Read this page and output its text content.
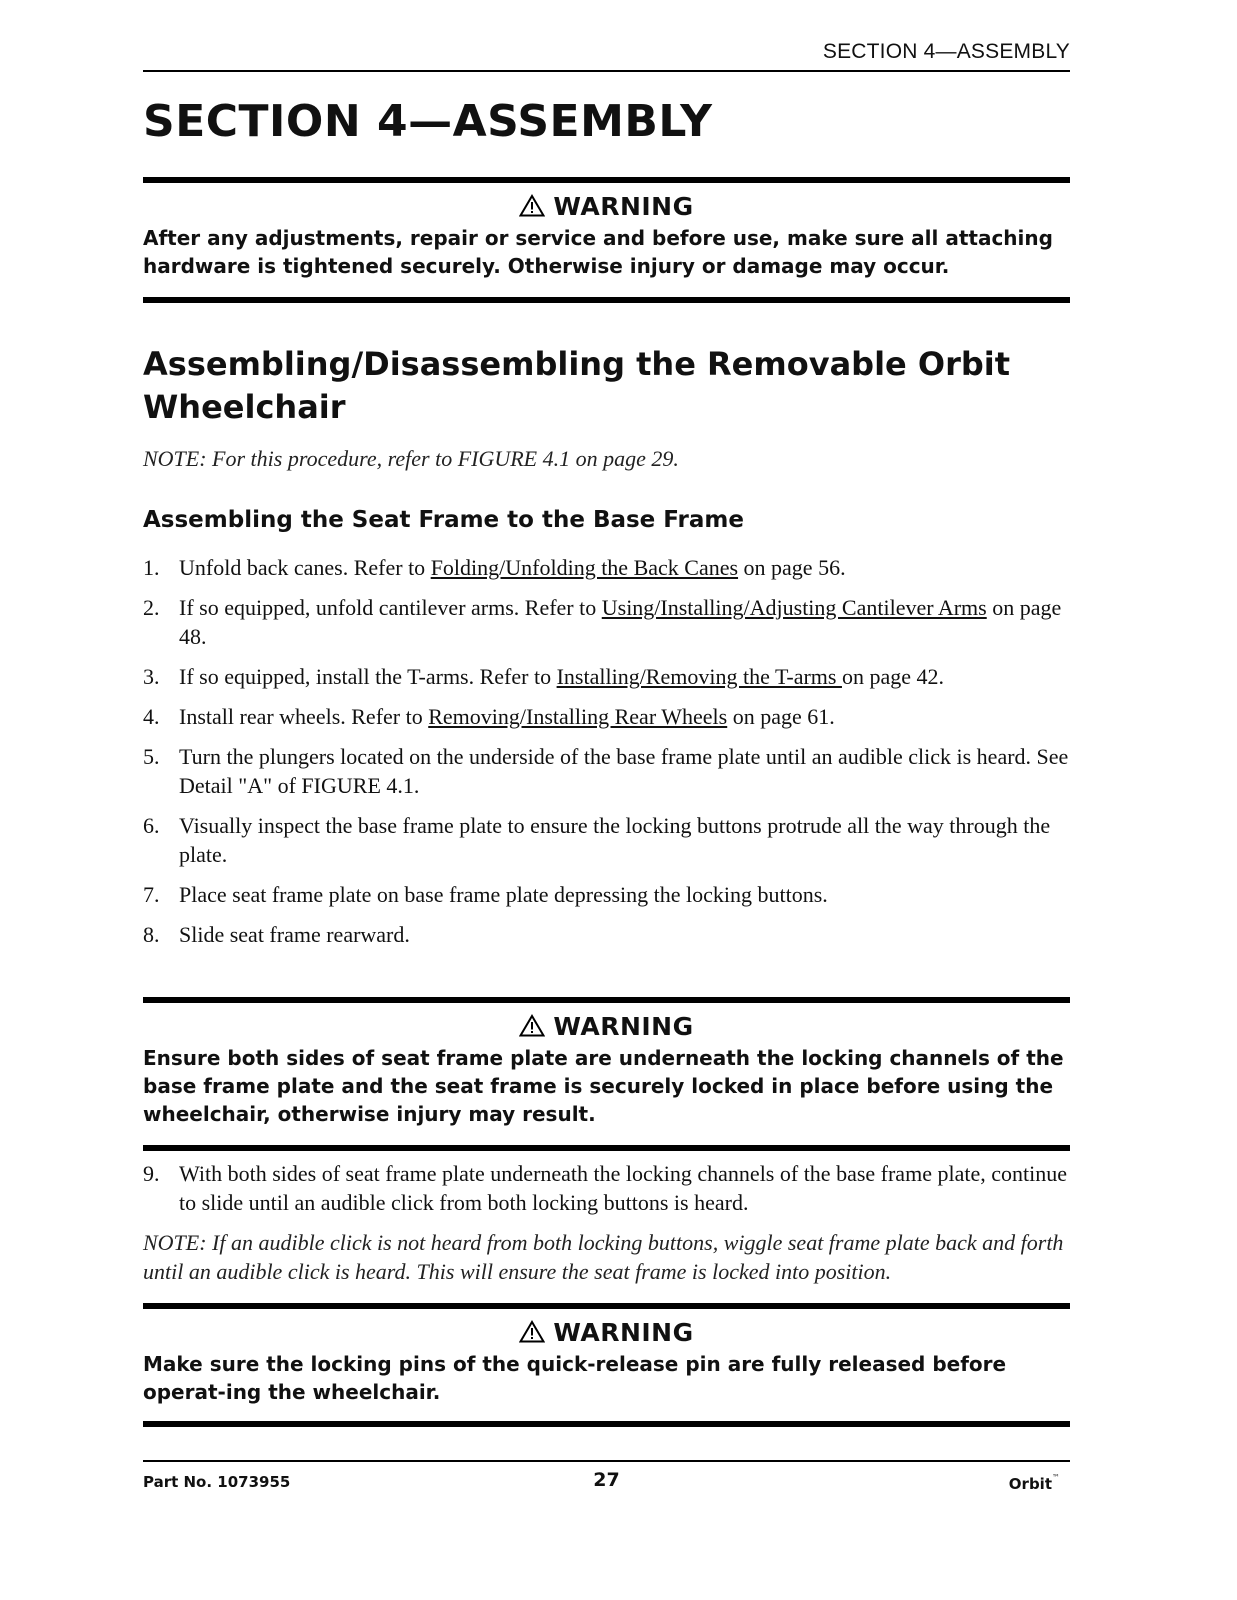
SECTION 4—ASSEMBLY
SECTION 4—ASSEMBLY
WARNING

After any adjustments, repair or service and before use, make sure all attaching hardware is tightened securely. Otherwise injury or damage may occur.

Assembling/Disassembling the Removable Orbit Wheelchair

NOTE: For this procedure, refer to FIGURE 4.1 on page 29.

Assembling the Seat Frame to the Base Frame
1. Unfold back canes. Refer to Folding/Unfolding the Back Canes on page 56.
2. If so equipped, unfold cantilever arms. Refer to Using/Installing/Adjusting Cantilever Arms on page 48.
3. If so equipped, install the T-arms. Refer to Installing/Removing the T-arms on page 42.
4. Install rear wheels. Refer to Removing/Installing Rear Wheels on page 61.
5. Turn the plungers located on the underside of the base frame plate until an audible click is heard. See Detail "A" of FIGURE 4.1.
6. Visually inspect the base frame plate to ensure the locking buttons protrude all the way through the plate.
7. Place seat frame plate on base frame plate depressing the locking buttons.
8. Slide seat frame rearward.
WARNING

Ensure both sides of seat frame plate are underneath the locking channels of the base frame plate and the seat frame is securely locked in place before using the wheelchair, otherwise injury may result.

9. With both sides of seat frame plate underneath the locking channels of the base frame plate, continue to slide until an audible click from both locking buttons is heard.

NOTE: If an audible click is not heard from both locking buttons, wiggle seat frame plate back and forth until an audible click is heard. This will ensure the seat frame is locked into position.

WARNING

Make sure the locking pins of the quick-release pin are fully released before operat-ing the wheelchair.

Part No. 1073955	27	Orbit™
